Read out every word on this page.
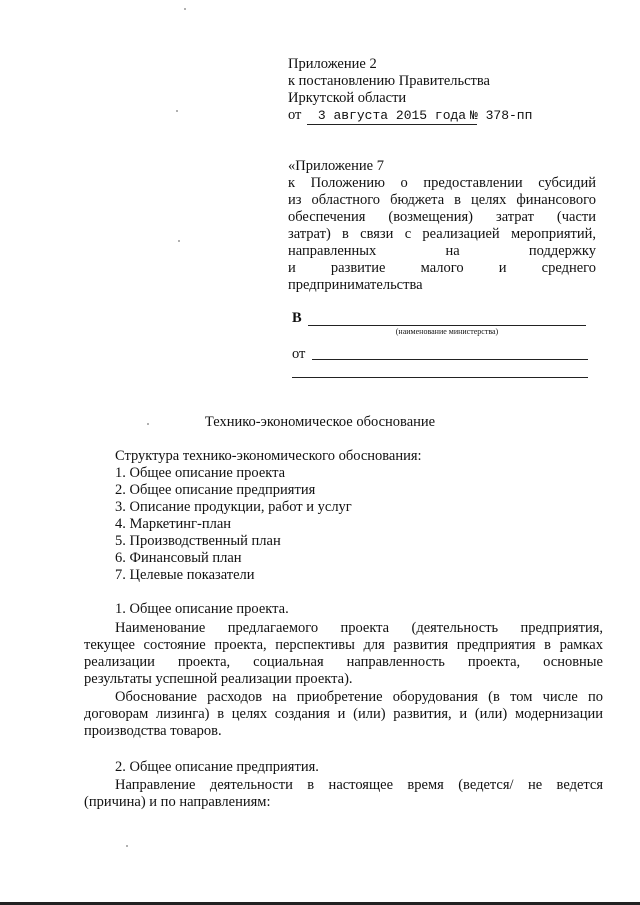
Приложение 2
к постановлению Правительства
Иркутской области
от	3 августа 2015 года № 378-пп
«Приложение 7
к Положению о предоставлении субсидий
из областного бюджета в целях финансового
обеспечения (возмещения) затрат (части
затрат) в связи с реализацией мероприятий,
направленных на поддержку
и развитие малого и среднего
предпринимательства
В
(наименование министерства)
от
Технико-экономическое обоснование
Структура технико-экономического обоснования:
1. Общее описание проекта
2. Общее описание предприятия
3. Описание продукции, работ и услуг
4. Маркетинг-план
5. Производственный план
6. Финансовый план
7. Целевые показатели
1. Общее описание проекта.
Наименование предлагаемого проекта (деятельность предприятия,
текущее состояние проекта, перспективы для развития предприятия в рамках
реализации проекта, социальная направленность проекта, основные
результаты успешной реализации проекта).
Обоснование расходов на приобретение оборудования (в том числе по
договорам лизинга) в целях создания и (или) развития, и (или) модернизации
производства товаров.
2. Общее описание предприятия.
Направление деятельности в настоящее время (ведется/ не ведется
(причина) и по направлениям:
